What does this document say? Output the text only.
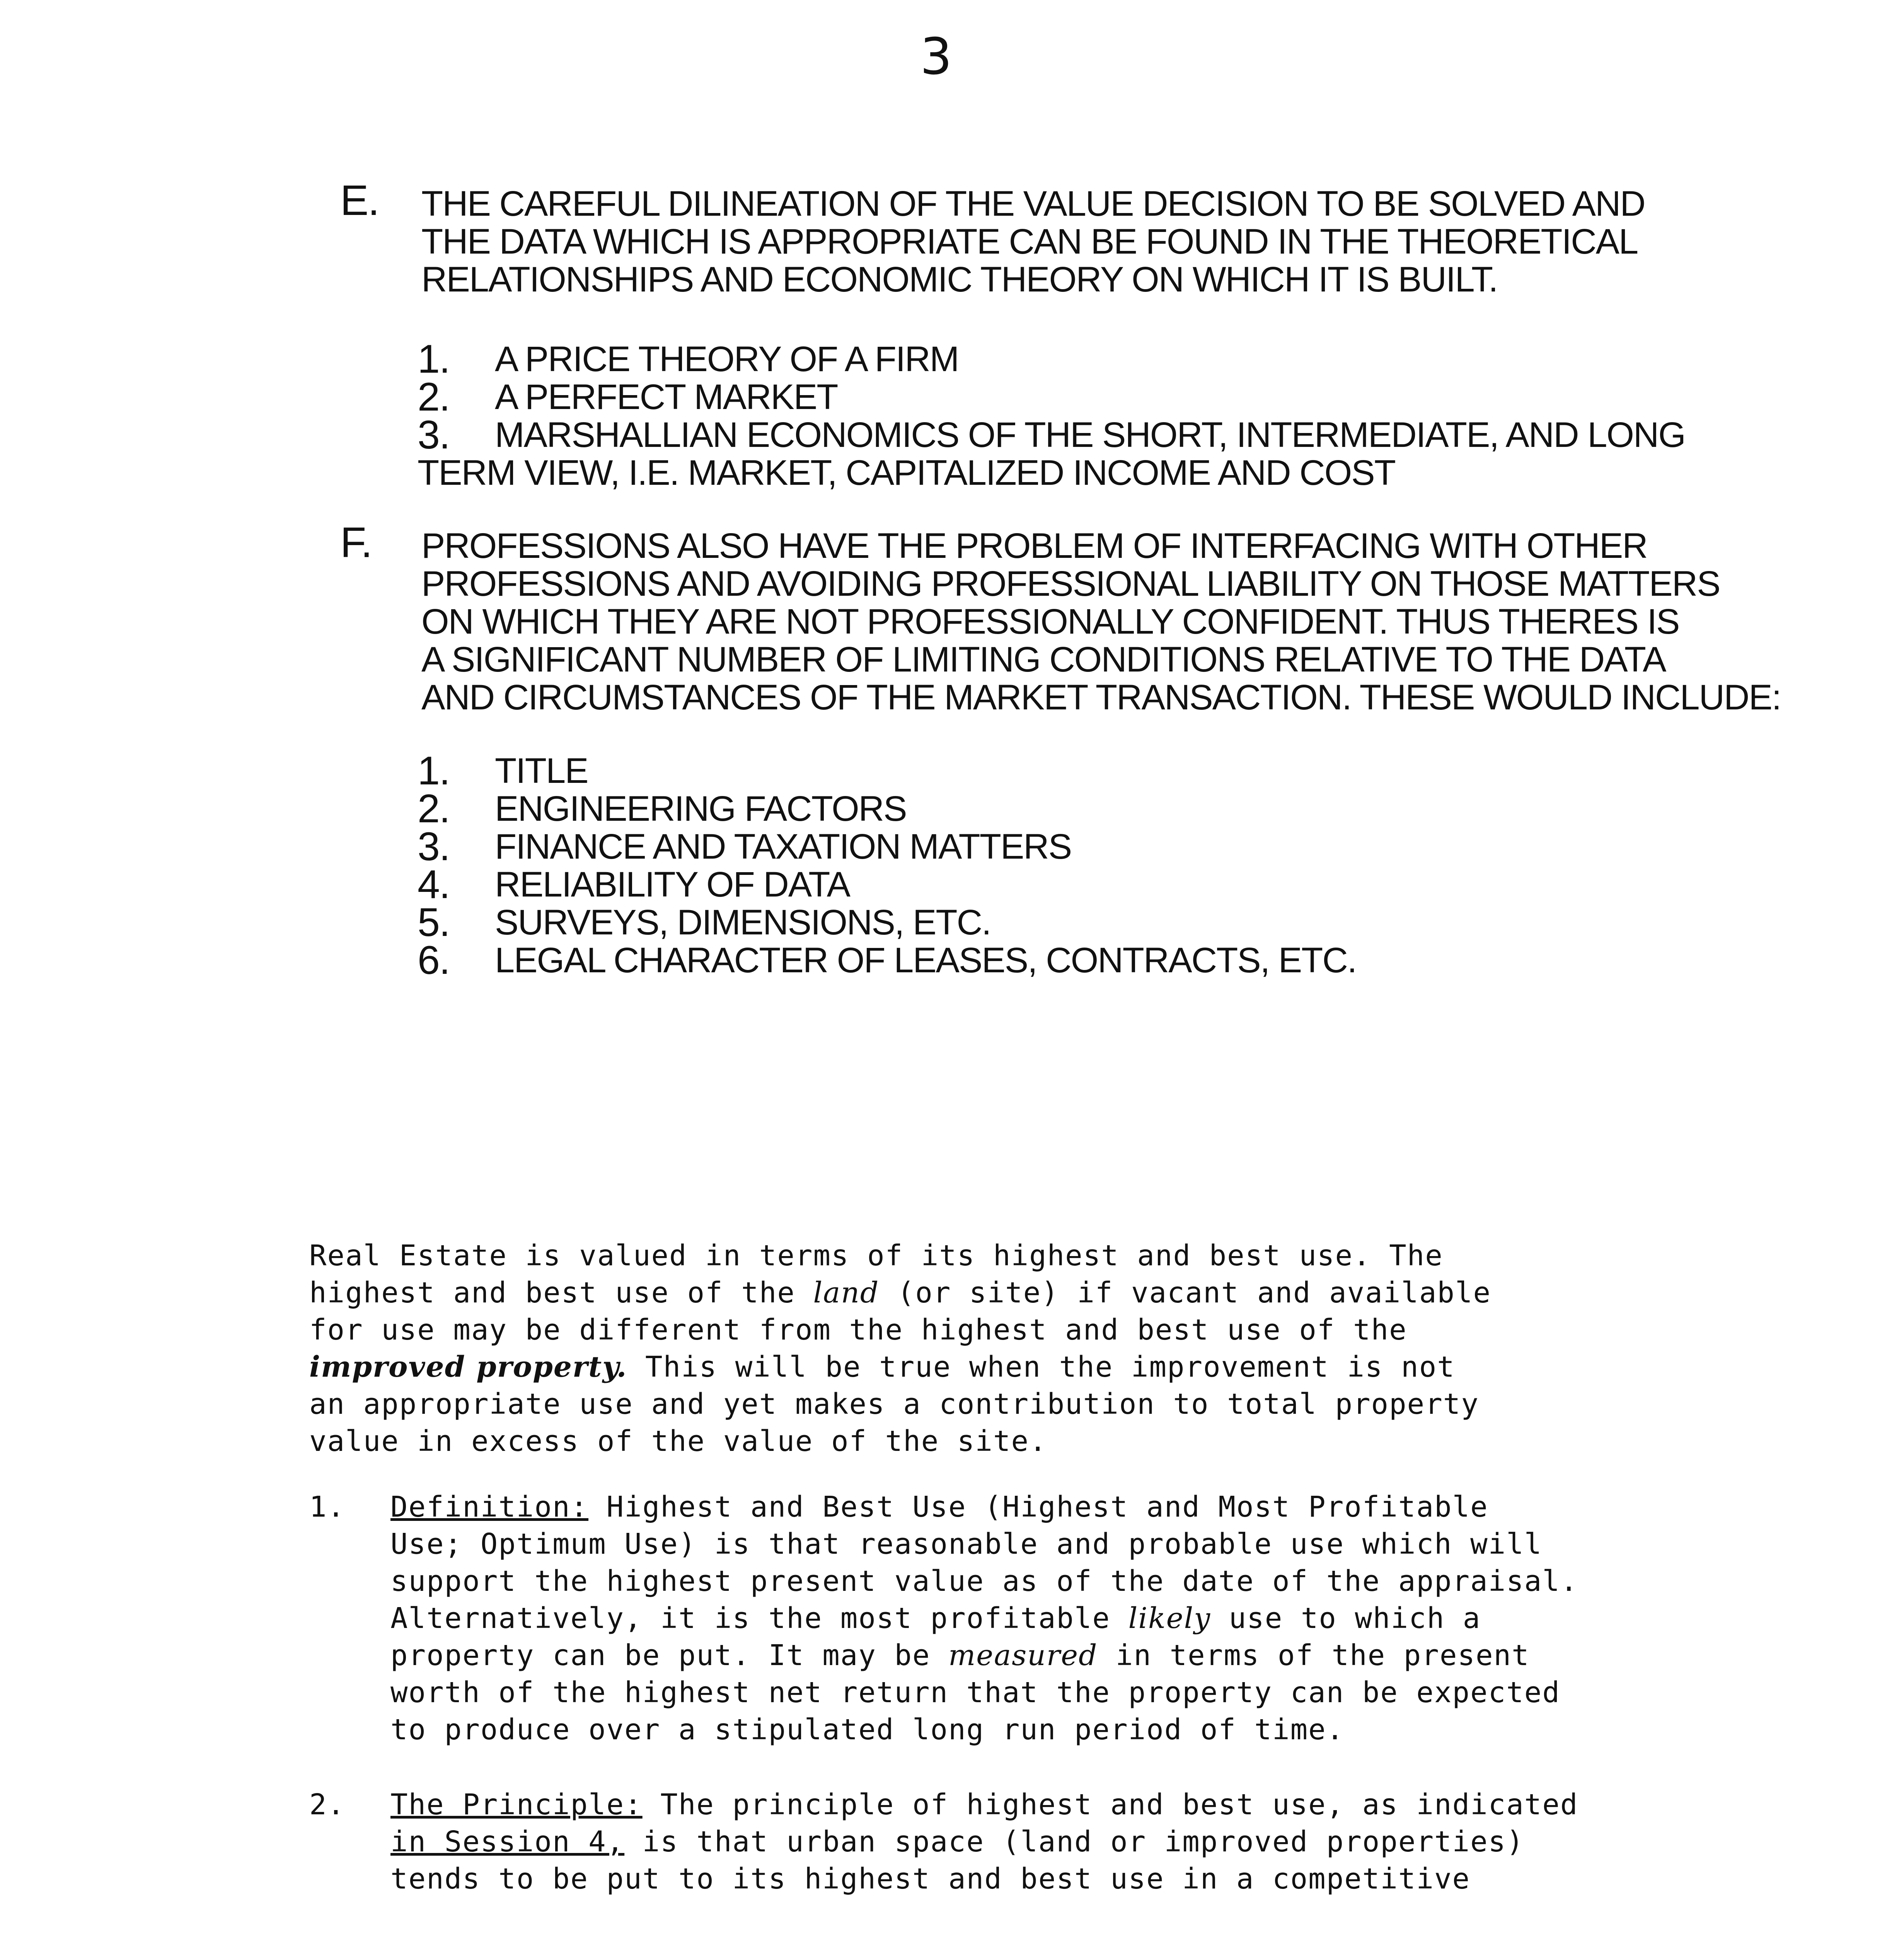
3
E. THE CAREFUL DILINEATION OF THE VALUE DECISION TO BE SOLVED AND
THE DATA WHICH IS APPROPRIATE CAN BE FOUND IN THE THEORETICAL
RELATIONSHIPS AND ECONOMIC THEORY ON WHICH IT IS BUILT.
1.	A PRICE THEORY OF A FIRM
2.	A PERFECT MARKET
3.	MARSHALLIAN ECONOMICS OF THE SHORT, INTERMEDIATE, AND LONG
TERM VIEW, I.E. MARKET, CAPITALIZED INCOME AND COST
F. PROFESSIONS ALSO HAVE THE PROBLEM OF INTERFACING WITH OTHER
PROFESSIONS AND AVOIDING PROFESSIONAL LIABILITY ON THOSE MATTERS
ON WHICH THEY ARE NOT PROFESSIONALLY CONFIDENT. THUS THERES IS
A SIGNIFICANT NUMBER OF LIMITING CONDITIONS RELATIVE TO THE DATA
AND CIRCUMSTANCES OF THE MARKET TRANSACTION. THESE WOULD INCLUDE:
1.	TITLE
2.	ENGINEERING FACTORS
3.	FINANCE AND TAXATION MATTERS
4.	RELIABILITY OF DATA
5.	SURVEYS, DIMENSIONS, ETC.
6.	LEGAL CHARACTER OF LEASES, CONTRACTS, ETC.
Real Estate is valued in terms of its highest and best use. The
highest and best use of the land (or site) if vacant and available
for use may be different from the highest and best use of the
improved property. This will be true when the improvement is not
an appropriate use and yet makes a contribution to total property
value in excess of the value of the site.
1. Definition: Highest and Best Use (Highest and Most Profitable
Use; Optimum Use) is that reasonable and probable use which will
support the highest present value as of the date of the appraisal.
Alternatively, it is the most profitable likely use to which a
property can be put. It may be measured in terms of the present
worth of the highest net return that the property can be expected
to produce over a stipulated long run period of time.
2. The Principle: The principle of highest and best use, as indicated
in Session 4, is that urban space (land or improved properties)
tends to be put to its highest and best use in a competitive
